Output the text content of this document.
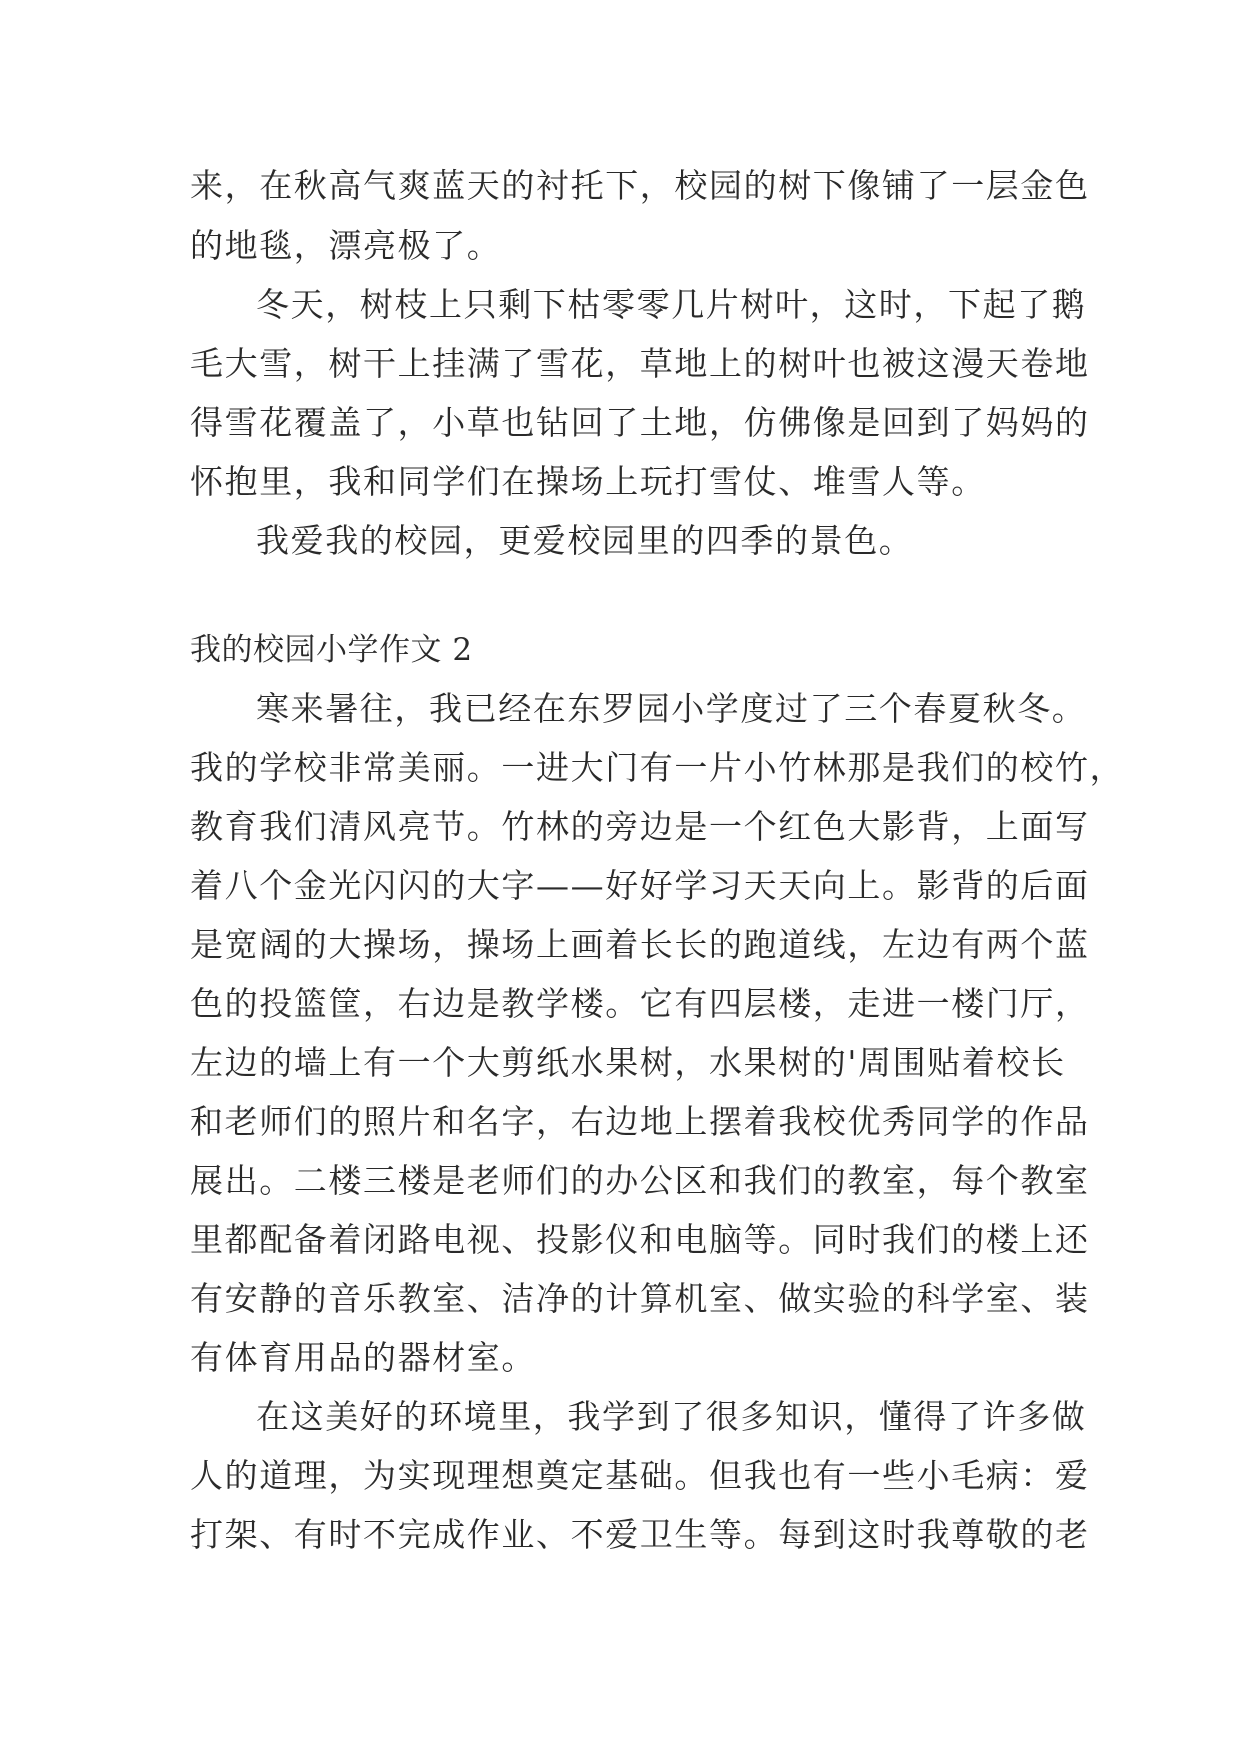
来，在秋高气爽蓝天的衬托下，校园的树下像铺了一层金色
的地毯，漂亮极了。
冬天，树枝上只剩下枯零零几片树叶，这时，下起了鹅
毛大雪，树干上挂满了雪花，草地上的树叶也被这漫天卷地
得雪花覆盖了，小草也钻回了土地，仿佛像是回到了妈妈的
怀抱里，我和同学们在操场上玩打雪仗、堆雪人等。
我爱我的校园，更爱校园里的四季的景色。
我的校园小学作文 2
寒来暑往，我已经在东罗园小学度过了三个春夏秋冬。
我的学校非常美丽。一进大门有一片小竹林那是我们的校竹，
教育我们清风亮节。竹林的旁边是一个红色大影背，上面写
着八个金光闪闪的大字——好好学习天天向上。影背的后面
是宽阔的大操场，操场上画着长长的跑道线，左边有两个蓝
色的投篮筐，右边是教学楼。它有四层楼，走进一楼门厅，
左边的墙上有一个大剪纸水果树，水果树的'周围贴着校长
和老师们的照片和名字，右边地上摆着我校优秀同学的作品
展出。二楼三楼是老师们的办公区和我们的教室，每个教室
里都配备着闭路电视、投影仪和电脑等。同时我们的楼上还
有安静的音乐教室、洁净的计算机室、做实验的科学室、装
有体育用品的器材室。
在这美好的环境里，我学到了很多知识，懂得了许多做
人的道理，为实现理想奠定基础。但我也有一些小毛病：爱
打架、有时不完成作业、不爱卫生等。每到这时我尊敬的老
